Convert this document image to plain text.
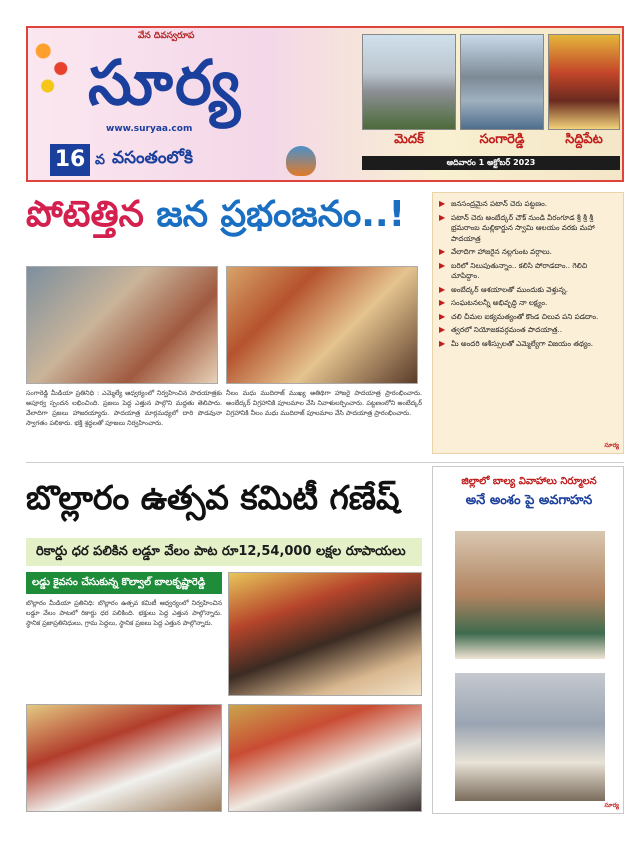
వేన దివస్వరూప
సూర్య
www.suryaa.com
16 వ వసంతంలోకి
మెదక్	సంగారెడ్డి	సిద్దిపేట
ఆదివారం 1 అక్టోబర్ 2023
పోటెత్తిన జన ప్రభంజనం..!
సంగారెడ్డి మీడియా ప్రతినిధి : ఎమ్మెల్యే ఆధ్వర్యంలో నిర్వహించిన పాదయాత్రకు అపూర్వ స్పందన లభించింది. ప్రజలు పెద్ద ఎత్తున పాల్గొని మద్దతు తెలిపారు. వేలాదిగా ప్రజలు హాజరయ్యారు. పాదయాత్ర మార్గమధ్యలో దారి పొడవునా స్వాగతం పలికారు. భక్తి శ్రద్ధలతో పూజలు నిర్వహించారు.
నీలం మధు ముదిరాజ్ ముఖ్య అతిథిగా హాజరై పాదయాత్ర ప్రారంభించారు. అంబేద్కర్ విగ్రహానికి పూలమాల వేసి నివాళులర్పించారు. పట్టణంలోని అంబేద్కర్ విగ్రహానికి నీలం మధు ముదిరాజ్ పూలమాల వేసి పాదయాత్ర ప్రారంభించారు.
▶ జనసంద్రమైన పటాన్ చెరు పట్టణం.
▶ పటాన్ చెరు అంబేద్కర్ చౌక్ నుండి వీరంగూడ శ్రీ శ్రీ శ్రీ భ్రమరాంబ మల్లికార్జున స్వామి ఆలయం వరకు మహా పాదయాత్ర
▶ వేలాదిగా హాజరైన నల్లగుంట వర్గాలు.
▶ బరిలో నిలుపుతున్నాం.. కలిసి పోరాడదాం.. గెలిచి చూపిద్దాం.
▶ అంబేద్కర్ ఆశయాలతో ముందుకు వెళ్తున్న.
▶ సంఘటనలన్నీ అభివృద్ధి నా లక్ష్యం.
▶ చలి చీమల ఐక్యమత్యంతో కొండ చిలువ పని పడదాం.
▶ త్వరలో నియోజకవర్గమంత పాదయాత్ర..
▶ మీ అందరి ఆశీస్సులతో ఎమ్మెల్యేగా విజయం తథ్యం.
సూర్య
బొల్లారం ఉత్సవ కమిటీ గణేష్
రికార్డు ధర పలికిన లడ్డూ వేలం పాట రూ12,54,000 లక్షల రూపాయలు
లడ్డు కైవసం చేసుకున్న కొల్వాల్ బాలకృష్ణారెడ్డి
బొల్లారం మీడియా ప్రతినిధి: బొల్లారం ఉత్సవ కమిటీ ఆధ్వర్యంలో నిర్వహించిన లడ్డూ వేలం పాటలో రికార్డు ధర పలికింది. భక్తులు పెద్ద ఎత్తున పాల్గొన్నారు. స్థానిక ప్రజాప్రతినిధులు, గ్రామ పెద్దలు, స్థానిక ప్రజలు పెద్ద ఎత్తున పాల్గొన్నారు.
జిల్లాలో బాల్య వివాహాలు నిర్మూలన
అనే అంశం పై అవగాహన
సూర్య
